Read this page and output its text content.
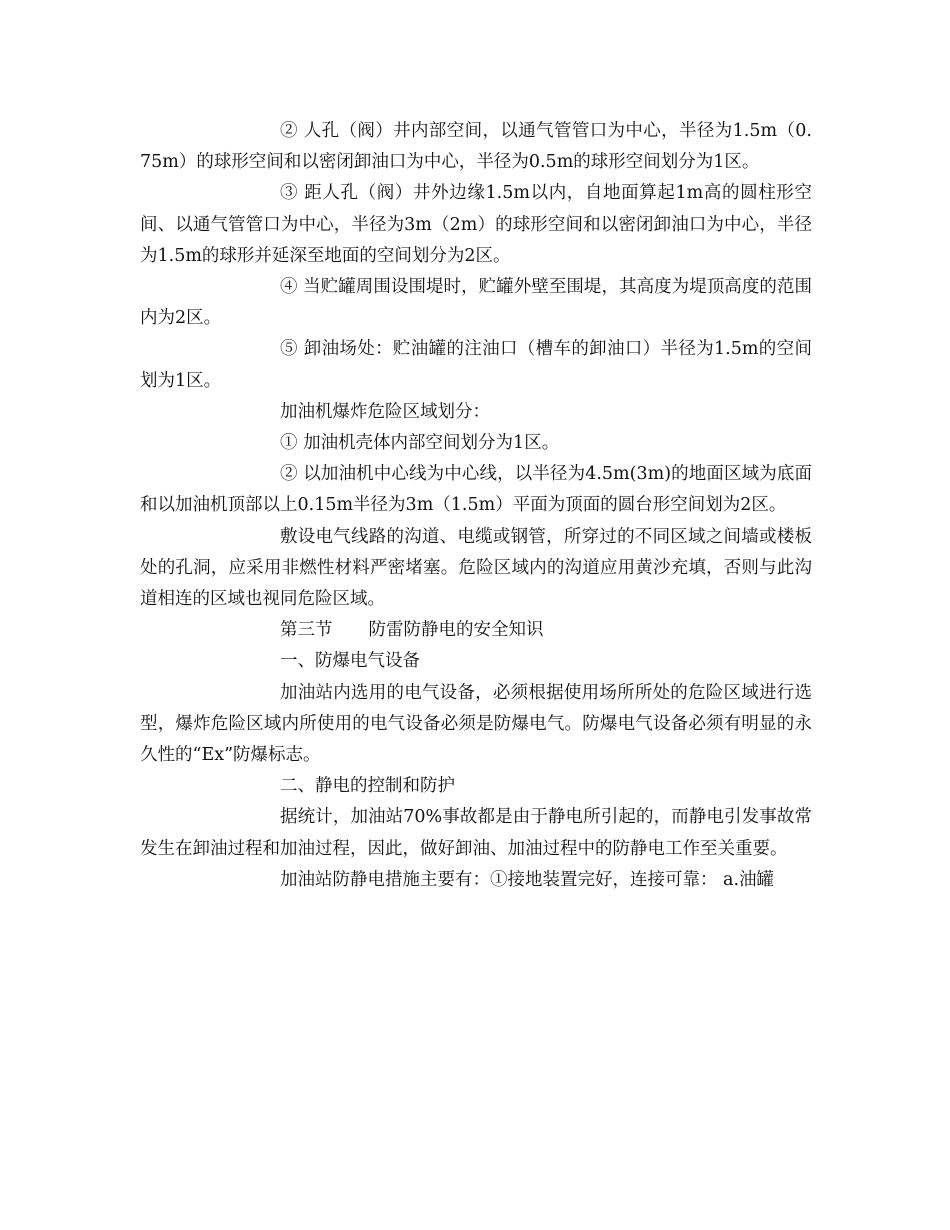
② 人孔（阀）井内部空间，以通气管管口为中心，半径为1.5m（0.75m）的球形空间和以密闭卸油口为中心，半径为0.5m的球形空间划分为1区。

③ 距人孔（阀）井外边缘1.5m以内，自地面算起1m高的圆柱形空间、以通气管管口为中心，半径为3m（2m）的球形空间和以密闭卸油口为中心，半径为1.5m的球形并延深至地面的空间划分为2区。

④ 当贮罐周围设围堤时，贮罐外壁至围堤，其高度为堤顶高度的范围内为2区。

⑤ 卸油场处：贮油罐的注油口（槽车的卸油口）半径为1.5m的空间划为1区。

加油机爆炸危险区域划分：

① 加油机壳体内部空间划分为1区。

② 以加油机中心线为中心线，以半径为4.5m(3m)的地面区域为底面和以加油机顶部以上0.15m半径为3m（1.5m）平面为顶面的圆台形空间划为2区。

敷设电气线路的沟道、电缆或钢管，所穿过的不同区域之间墙或楼板处的孔洞，应采用非燃性材料严密堵塞。危险区域内的沟道应用黄沙充填，否则与此沟道相连的区域也视同危险区域。

第三节 防雷防静电的安全知识

一、防爆电气设备

加油站内选用的电气设备，必须根据使用场所所处的危险区域进行选型，爆炸危险区域内所使用的电气设备必须是防爆电气。防爆电气设备必须有明显的永久性的“Ex”防爆标志。

二、静电的控制和防护

据统计，加油站70%事故都是由于静电所引起的，而静电引发事故常发生在卸油过程和加油过程，因此，做好卸油、加油过程中的防静电工作至关重要。

加油站防静电措施主要有：①接地装置完好，连接可靠： a.油罐
